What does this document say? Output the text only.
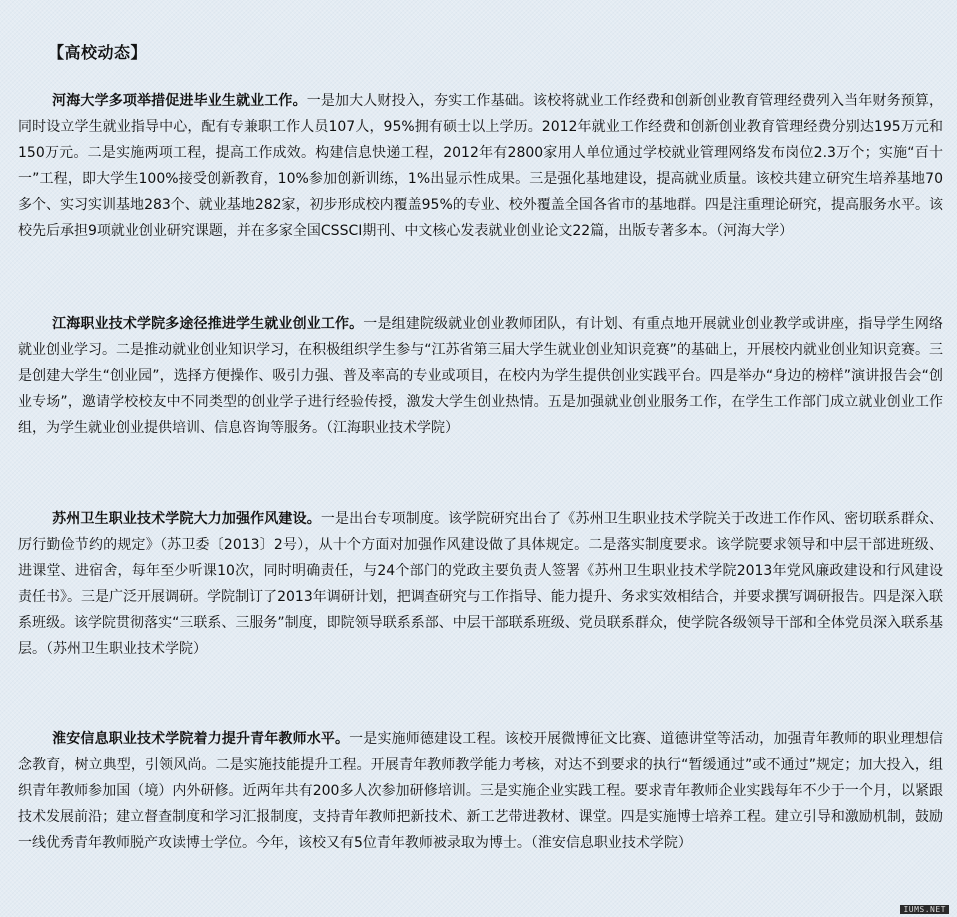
【高校动态】

河海大学多项举措促进毕业生就业工作。一是加大人财投入，夯实工作基础。该校将就业工作经费和创新创业教育管理经费列入当年财务预算，同时设立学生就业指导中心，配有专兼职工作人员107人，95%拥有硕士以上学历。2012年就业工作经费和创新创业教育管理经费分别达195万元和150万元。二是实施两项工程，提高工作成效。构建信息快递工程，2012年有2800家用人单位通过学校就业管理网络发布岗位2.3万个；实施“百十一”工程，即大学生100%接受创新教育，10%参加创新训练，1%出显示性成果。三是强化基地建设，提高就业质量。该校共建立研究生培养基地70多个、实习实训基地283个、就业基地282家，初步形成校内覆盖95%的专业、校外覆盖全国各省市的基地群。四是注重理论研究，提高服务水平。该校先后承担9项就业创业研究课题，并在多家全国CSSCI期刊、中文核心发表就业创业论文22篇，出版专著多本。（河海大学）

江海职业技术学院多途径推进学生就业创业工作。一是组建院级就业创业教师团队，有计划、有重点地开展就业创业教学或讲座，指导学生网络就业创业学习。二是推动就业创业知识学习，在积极组织学生参与“江苏省第三届大学生就业创业知识竞赛”的基础上，开展校内就业创业知识竞赛。三是创建大学生“创业园”，选择方便操作、吸引力强、普及率高的专业或项目，在校内为学生提供创业实践平台。四是举办“身边的榜样”演讲报告会“创业专场”，邀请学校校友中不同类型的创业学子进行经验传授，激发大学生创业热情。五是加强就业创业服务工作，在学生工作部门成立就业创业工作组，为学生就业创业提供培训、信息咨询等服务。（江海职业技术学院）

苏州卫生职业技术学院大力加强作风建设。一是出台专项制度。该学院研究出台了《苏州卫生职业技术学院关于改进工作作风、密切联系群众、厉行勤俭节约的规定》（苏卫委〔2013〕2号），从十个方面对加强作风建设做了具体规定。二是落实制度要求。该学院要求领导和中层干部进班级、进课堂、进宿舍，每年至少听课10次，同时明确责任，与24个部门的党政主要负责人签署《苏州卫生职业技术学院2013年党风廉政建设和行风建设责任书》。三是广泛开展调研。学院制订了2013年调研计划，把调查研究与工作指导、能力提升、务求实效相结合，并要求撰写调研报告。四是深入联系班级。该学院贯彻落实“三联系、三服务”制度，即院领导联系系部、中层干部联系班级、党员联系群众，使学院各级领导干部和全体党员深入联系基层。（苏州卫生职业技术学院）

淮安信息职业技术学院着力提升青年教师水平。一是实施师德建设工程。该校开展微博征文比赛、道德讲堂等活动，加强青年教师的职业理想信念教育，树立典型，引领风尚。二是实施技能提升工程。开展青年教师教学能力考核，对达不到要求的执行“暂缓通过”或不通过”规定；加大投入，组织青年教师参加国（境）内外研修。近两年共有200多人次参加研修培训。三是实施企业实践工程。要求青年教师企业实践每年不少于一个月，以紧跟技术发展前沿；建立督查制度和学习汇报制度，支持青年教师把新技术、新工艺带进教材、课堂。四是实施博士培养工程。建立引导和激励机制，鼓励一线优秀青年教师脱产攻读博士学位。今年，该校又有5位青年教师被录取为博士。（淮安信息职业技术学院）

IUMS.NET
